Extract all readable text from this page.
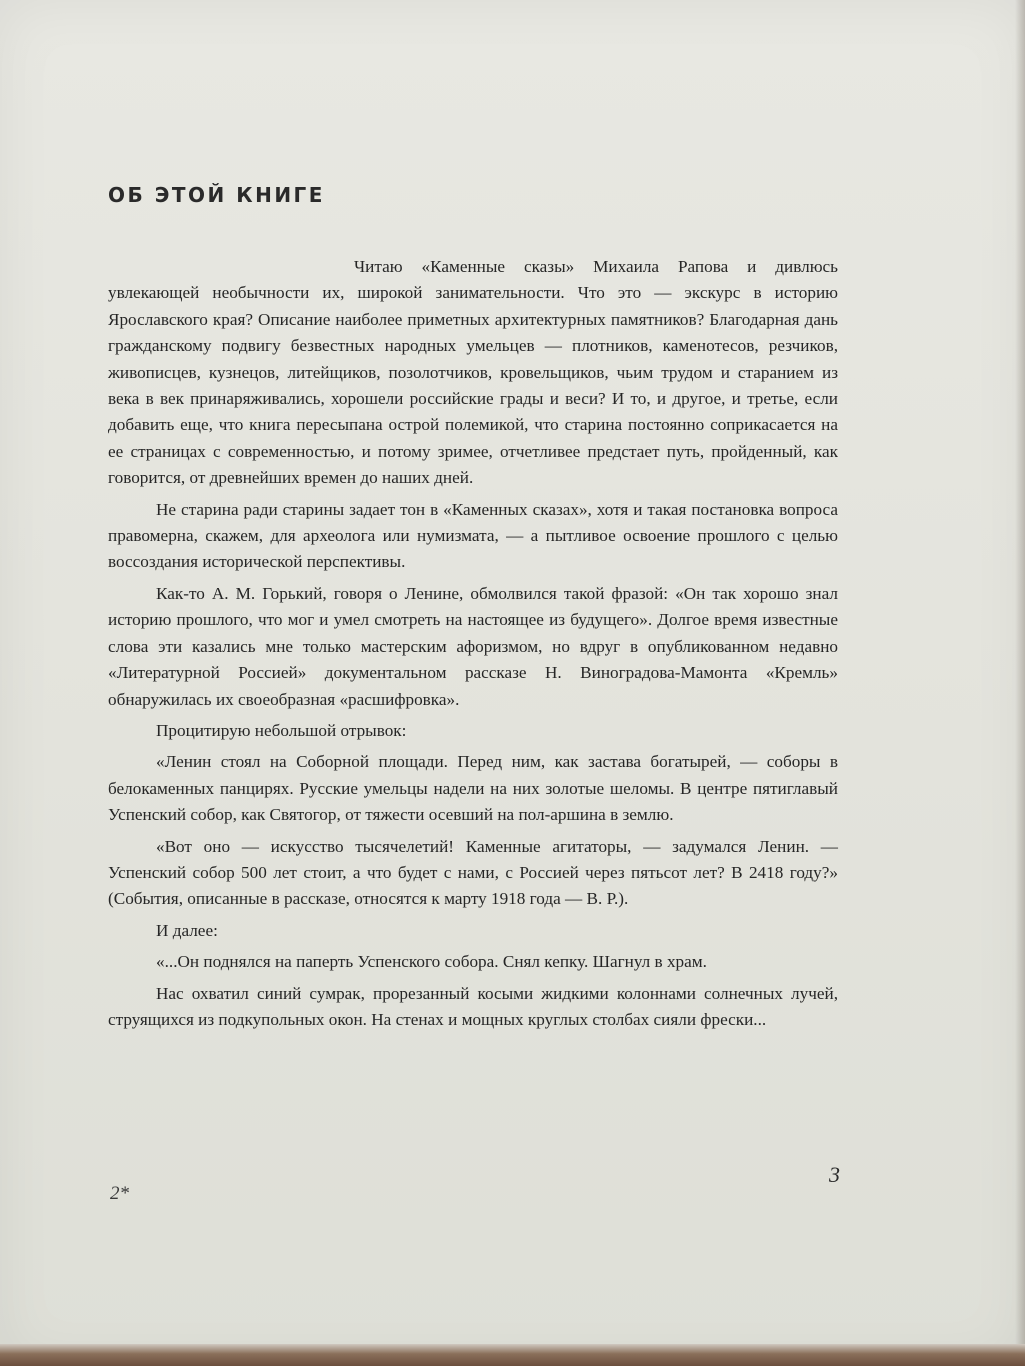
ОБ ЭТОЙ КНИГЕ

Читаю «Каменные сказы» Михаила Рапова и дивлюсь увлекающей необычности их, широкой занимательности. Что это — экскурс в историю Ярославского края? Описание наиболее приметных архитектурных памятников? Благодарная дань гражданскому подвигу безвестных народных умельцев — плотников, каменотесов, резчиков, живописцев, кузнецов, литейщиков, позолотчиков, кровельщиков, чьим трудом и старанием из века в век принаряживались, хорошели российские грады и веси? И то, и другое, и третье, если добавить еще, что книга пересыпана острой полемикой, что старина постоянно соприкасается на ее страницах с современностью, и потому зримее, отчетливее предстает путь, пройденный, как говорится, от древнейших времен до наших дней.

Не старина ради старины задает тон в «Каменных сказах», хотя и такая постановка вопроса правомерна, скажем, для археолога или нумизмата, — а пытливое освоение прошлого с целью воссоздания исторической перспективы.

Как-то А. М. Горький, говоря о Ленине, обмолвился такой фразой: «Он так хорошо знал историю прошлого, что мог и умел смотреть на настоящее из будущего». Долгое время известные слова эти казались мне только мастерским афоризмом, но вдруг в опубликованном недавно «Литературной Россией» документальном рассказе Н. Виноградова-Мамонта «Кремль» обнаружилась их своеобразная «расшифровка».

Процитирую небольшой отрывок:

«Ленин стоял на Соборной площади. Перед ним, как застава богатырей, — соборы в белокаменных панцирях. Русские умельцы надели на них золотые шеломы. В центре пятиглавый Успенский собор, как Святогор, от тяжести осевший на пол-аршина в землю.

«Вот оно — искусство тысячелетий! Каменные агитаторы, — задумался Ленин. — Успенский собор 500 лет стоит, а что будет с нами, с Россией через пятьсот лет? В 2418 году?» (События, описанные в рассказе, относятся к марту 1918 года — В. Р.).

И далее:

«...Он поднялся на паперть Успенского собора. Снял кепку. Шагнул в храм.

Нас охватил синий сумрак, прорезанный косыми жидкими колоннами солнечных лучей, струящихся из подкупольных окон. На стенах и мощных круглых столбах сияли фрески...

3
2*
